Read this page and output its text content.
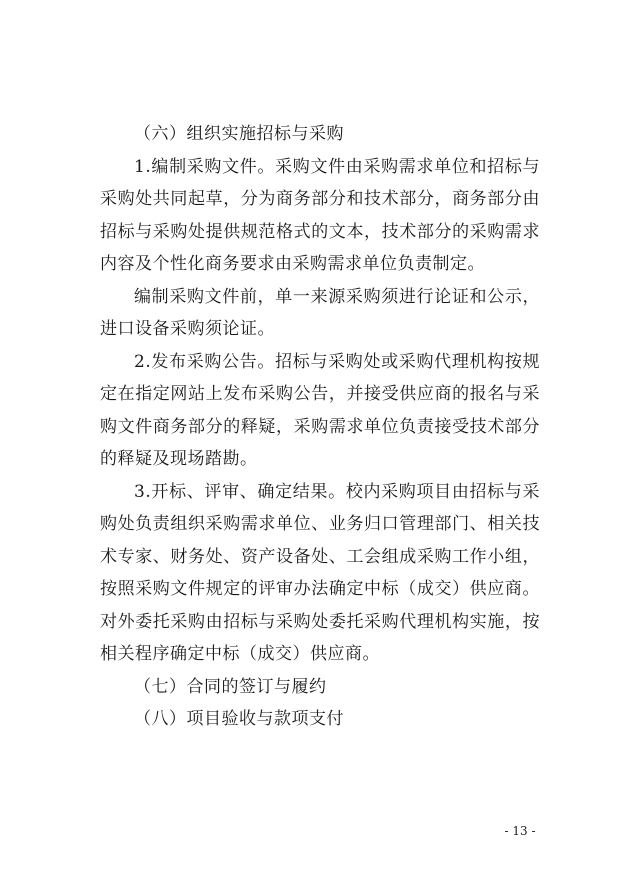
（六）组织实施招标与采购

1.编制采购文件。采购文件由采购需求单位和招标与采购处共同起草，分为商务部分和技术部分，商务部分由招标与采购处提供规范格式的文本，技术部分的采购需求内容及个性化商务要求由采购需求单位负责制定。

编制采购文件前，单一来源采购须进行论证和公示，进口设备采购须论证。

2.发布采购公告。招标与采购处或采购代理机构按规定在指定网站上发布采购公告，并接受供应商的报名与采购文件商务部分的释疑，采购需求单位负责接受技术部分的释疑及现场踏勘。

3.开标、评审、确定结果。校内采购项目由招标与采购处负责组织采购需求单位、业务归口管理部门、相关技术专家、财务处、资产设备处、工会组成采购工作小组，按照采购文件规定的评审办法确定中标（成交）供应商。对外委托采购由招标与采购处委托采购代理机构实施，按相关程序确定中标（成交）供应商。

（七）合同的签订与履约

（八）项目验收与款项支付

- 13 -
